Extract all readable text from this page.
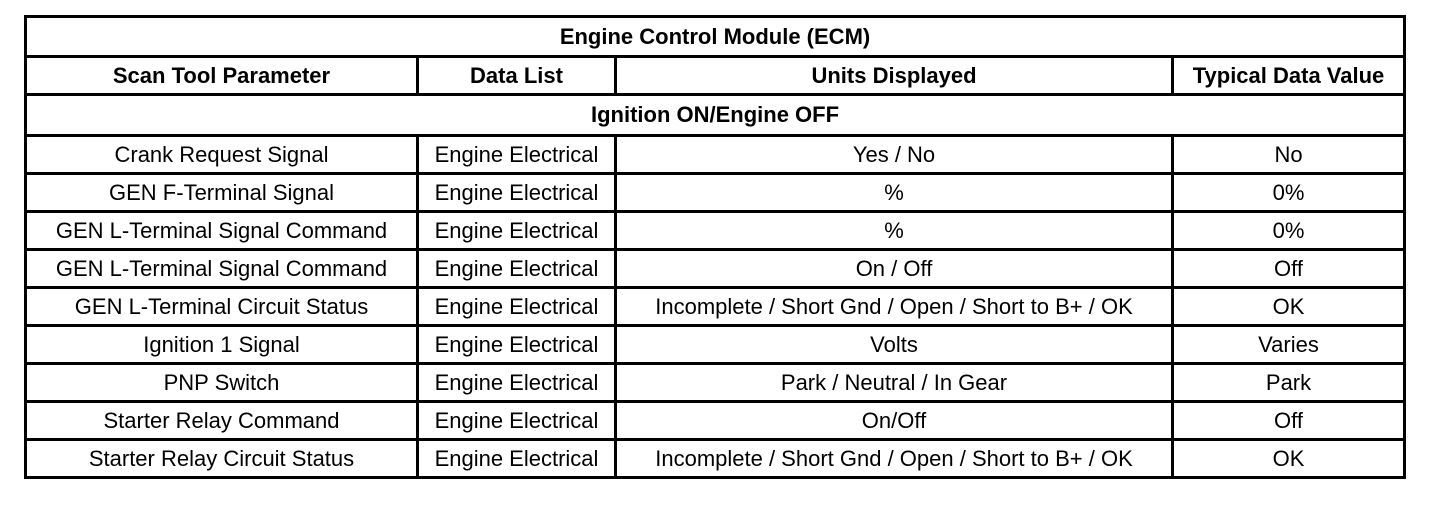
Engine Control Module (ECM)			
Scan Tool Parameter	Data List	Units Displayed	Typical Data Value
Ignition ON/Engine OFF			
Crank Request Signal	Engine Electrical	Yes / No	No
GEN F-Terminal Signal	Engine Electrical	%	0%
GEN L-Terminal Signal Command	Engine Electrical	%	0%
GEN L-Terminal Signal Command	Engine Electrical	On / Off	Off
GEN L-Terminal Circuit Status	Engine Electrical	Incomplete / Short Gnd / Open / Short to B+ / OK	OK
Ignition 1 Signal	Engine Electrical	Volts	Varies
PNP Switch	Engine Electrical	Park / Neutral / In Gear	Park
Starter Relay Command	Engine Electrical	On/Off	Off
Starter Relay Circuit Status	Engine Electrical	Incomplete / Short Gnd / Open / Short to B+ / OK	OK
